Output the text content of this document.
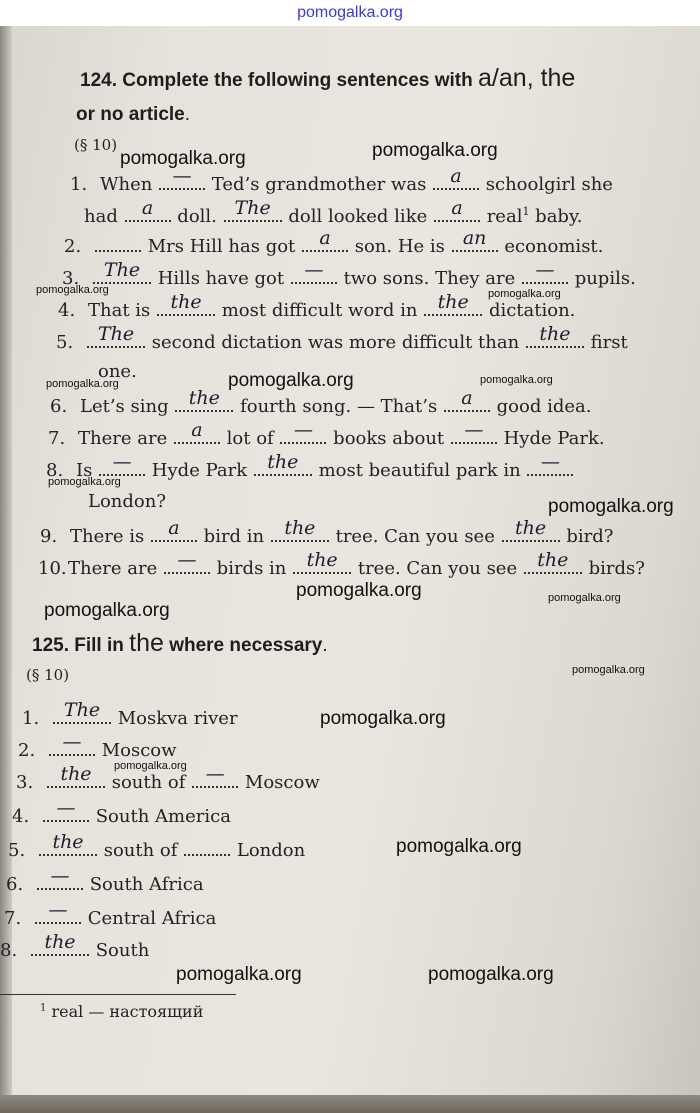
pomogalka.org
124. Complete the following sentences with a/an, the
or no article.
(§ 10)
1. When — Ted’s grandmother was a	schoolgirl she
had a	doll. The doll looked like a	real$^1$ baby.
2.	Mrs Hill has got a	son. He is an economist.
3.	The Hills have got — two sons. They are — pupils.
4. That is the most difficult word in the dictation.
5.	The second dictation was more difficult than the first
one.
6. Let’s sing the fourth song. — That’s a	good idea.
7. There are a	lot of — books about — Hyde Park.
8. Is — Hyde Park the most beautiful park in —
London?
9. There is a	bird in the tree. Can you see the bird?
10.There are — birds in the tree. Can you see the birds?
125. Fill in the where necessary.
(§ 10)
1.	The Moskva river
2.	— Moscow
3.	the south of — Moscow
4.	— South America
5.	the south of	London
6.	— South Africa
7.	— Central Africa
8.	the South
$^1$ real — настоящий
pomogalka.org	pomogalka.org
pomogalka.org	pomogalka.org
pomogalka.org	pomogalka.org	pomogalka.org
pomogalka.org
pomogalka.org
pomogalka.org	pomogalka.org
pomogalka.org
pomogalka.org
pomogalka.org
pomogalka.org
pomogalka.org
pomogalka.org	pomogalka.org
